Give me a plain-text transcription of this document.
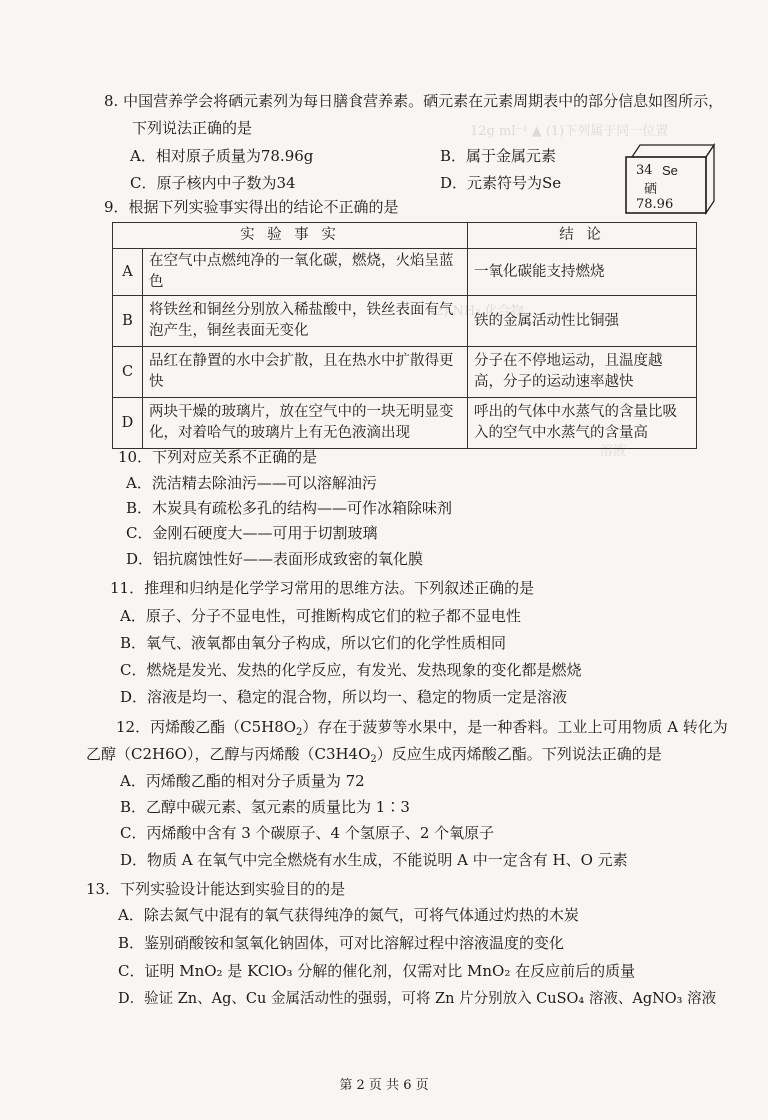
12g ml⁻¹ ▲ (1)下列属于同一位置
(2) NH₃ 化合物
溶液
8. 中国营养学会将硒元素列为每日膳食营养素。硒元素在元素周期表中的部分信息如图所示，
下列说法正确的是
A．相对原子质量为78.96g	B．属于金属元素
C．原子核内中子数为34	D．元素符号为Se
34 Se
硒
78.96
9．根据下列实验事实得出的结论不正确的是
实 验 事 实		结 论
A	在空气中点燃纯净的一氧化碳，燃烧，火焰呈蓝色	一氧化碳能支持燃烧
B	将铁丝和铜丝分别放入稀盐酸中，铁丝表面有气泡产生，铜丝表面无变化	铁的金属活动性比铜强
C	品红在静置的水中会扩散，且在热水中扩散得更快	分子在不停地运动，且温度越高，分子的运动速率越快
D	两块干燥的玻璃片，放在空气中的一块无明显变化，对着哈气的玻璃片上有无色液滴出现	呼出的气体中水蒸气的含量比吸入的空气中水蒸气的含量高
10．下列对应关系不正确的是
A．洗洁精去除油污——可以溶解油污
B．木炭具有疏松多孔的结构——可作冰箱除味剂
C．金刚石硬度大——可用于切割玻璃
D．铝抗腐蚀性好——表面形成致密的氧化膜
11．推理和归纳是化学学习常用的思维方法。下列叙述正确的是
A．原子、分子不显电性，可推断构成它们的粒子都不显电性
B．氧气、液氧都由氧分子构成，所以它们的化学性质相同
C．燃烧是发光、发热的化学反应，有发光、发热现象的变化都是燃烧
D．溶液是均一、稳定的混合物，所以均一、稳定的物质一定是溶液
12．丙烯酸乙酯$(C5H8O_2)$存在于菠萝等水果中，是一种香料。工业上可用物质 A 转化为
乙醇（C2H6O），乙醇与丙烯酸$(C3H4O_2)$反应生成丙烯酸乙酯。下列说法正确的是
A．丙烯酸乙酯的相对分子质量为 72
B．乙醇中碳元素、氢元素的质量比为 1∶3
C．丙烯酸中含有 3 个碳原子、4 个氢原子、2 个氧原子
D．物质 A 在氧气中完全燃烧有水生成，不能说明 A 中一定含有 H、O 元素
13．下列实验设计能达到实验目的的是
A．除去氮气中混有的氧气获得纯净的氮气，可将气体通过灼热的木炭
B．鉴别硝酸铵和氢氧化钠固体，可对比溶解过程中溶液温度的变化
C．证明 MnO₂ 是 KClO₃ 分解的催化剂，仅需对比 MnO₂ 在反应前后的质量
D．验证 Zn、Ag、Cu 金属活动性的强弱，可将 Zn 片分别放入 CuSO₄ 溶液、AgNO₃ 溶液
第 2 页 共 6 页
